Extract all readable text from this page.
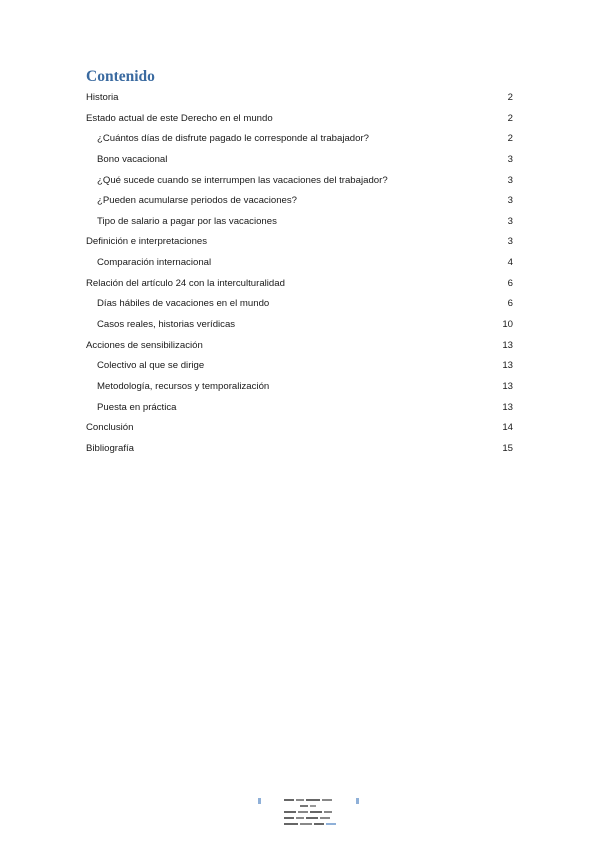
Contenido
Historia	2
Estado actual de este Derecho en el mundo	2
¿Cuántos días de disfrute pagado le corresponde al trabajador?	2
Bono vacacional	3
¿Qué sucede cuando se interrumpen las vacaciones del trabajador?	3
¿Pueden acumularse periodos de vacaciones?	3
Tipo de salario a pagar por las vacaciones	3
Definición e interpretaciones	3
Comparación internacional	4
Relación del artículo 24 con la interculturalidad	6
Días hábiles de vacaciones en el mundo	6
Casos reales, historias verídicas	10
Acciones de sensibilización	13
Colectivo al que se dirige	13
Metodología, recursos y temporalización	13
Puesta en práctica	13
Conclusión	14
Bibliografía	15
